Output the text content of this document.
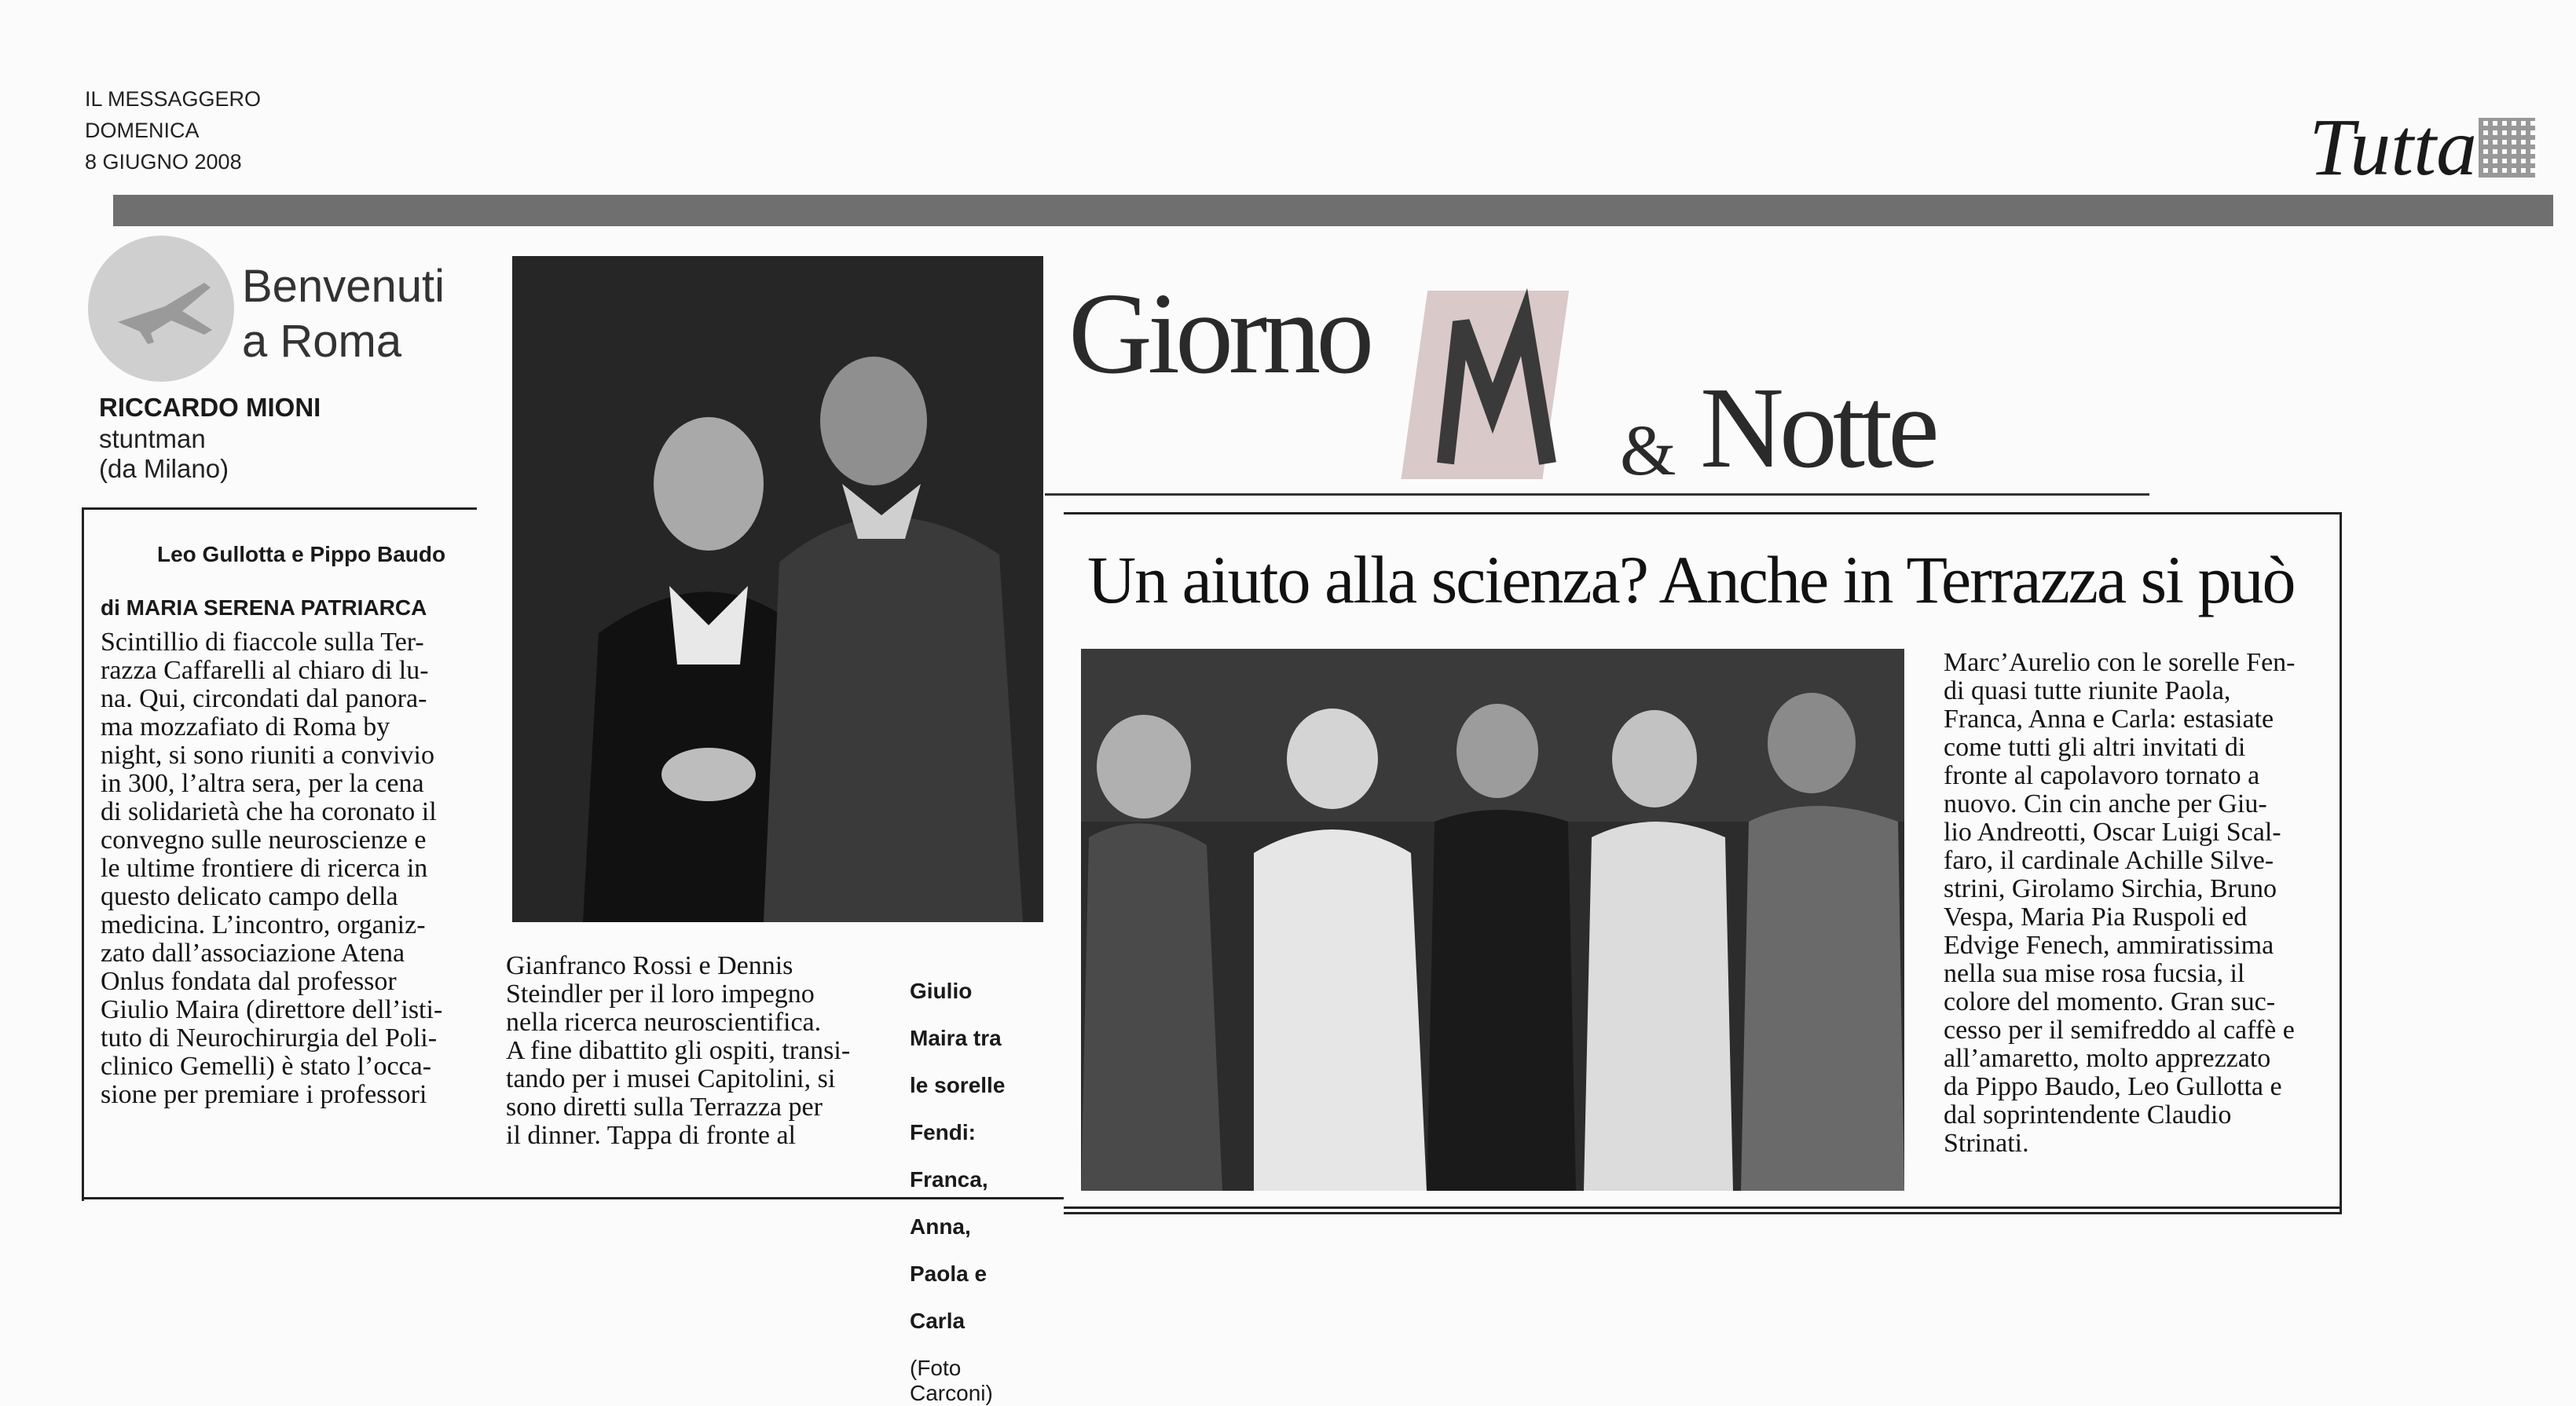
IL MESSAGGERO
DOMENICA
8 GIUGNO 2008	Tutta
Benvenuti
a Roma
RICCARDO MIONI
stuntman
(da Milano)
Leo Gullotta e Pippo Baudo
di MARIA SERENA PATRIARCA

Scintillio di fiaccole sulla Ter-

razza Caffarelli al chiaro di lu-

na. Qui, circondati dal panora-

ma mozzafiato di Roma by

night, si sono riuniti a convivio

in 300, l’altra sera, per la cena

di solidarietà che ha coronato il

convegno sulle neuroscienze e

le ultime frontiere di ricerca in

questo delicato campo della

medicina. L’incontro, organiz-

zato dall’associazione Atena

Onlus fondata dal professor

Giulio Maira (direttore dell’isti-

tuto di Neurochirurgia del Poli-

clinico Gemelli) è stato l’occa-

sione per premiare i professori

Gianfranco Rossi e Dennis

Steindler per il loro impegno

nella ricerca neuroscientifica.

A fine dibattito gli ospiti, transi-

tando per i musei Capitolini, si

sono diretti sulla Terrazza per

il dinner. Tappa di fronte al

Giulio

Maira tra

le sorelle

Fendi:

Franca,

Anna,

Paola e

Carla

(Foto
Carconi)
Giorno
& Notte
Un aiuto alla scienza? Anche in Terrazza si può

Marc’Aurelio con le sorelle Fen-

di quasi tutte riunite Paola,

Franca, Anna e Carla: estasiate

come tutti gli altri invitati di

fronte al capolavoro tornato a

nuovo. Cin cin anche per Giu-

lio Andreotti, Oscar Luigi Scal-

faro, il cardinale Achille Silve-

strini, Girolamo Sirchia, Bruno

Vespa, Maria Pia Ruspoli ed

Edvige Fenech, ammiratissima

nella sua mise rosa fucsia, il

colore del momento. Gran suc-

cesso per il semifreddo al caffè e

all’amaretto, molto apprezzato

da Pippo Baudo, Leo Gullotta e

dal soprintendente Claudio

Strinati.
